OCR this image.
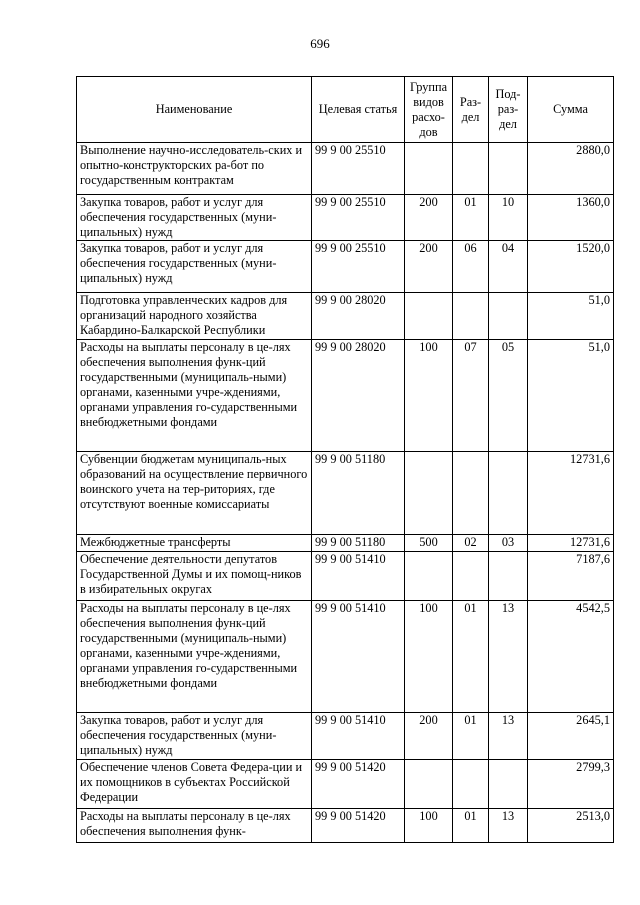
696
Наименование	Целевая статья	Группа видов расхо-дов	Раз-дел	Под-раз-дел	Сумма
Выполнение научно-исследователь-ских и опытно-конструкторских ра-бот по государственным контрактам	99 9 00 25510				2880,0
Закупка товаров, работ и услуг для обеспечения государственных (муни-ципальных) нужд	99 9 00 25510	200	01	10	1360,0
Закупка товаров, работ и услуг для обеспечения государственных (муни-ципальных) нужд	99 9 00 25510	200	06	04	1520,0
Подготовка управленческих кадров для организаций народного хозяйства Кабардино-Балкарской Республики	99 9 00 28020				51,0
Расходы на выплаты персоналу в це-лях обеспечения выполнения функ-ций государственными (муниципаль-ными) органами, казенными учре-ждениями, органами управления го-сударственными внебюджетными фондами	99 9 00 28020	100	07	05	51,0
Субвенции бюджетам муниципаль-ных образований на осуществление первичного воинского учета на тер-риториях, где отсутствуют военные комиссариаты	99 9 00 51180				12731,6
Межбюджетные трансферты	99 9 00 51180	500	02	03	12731,6
Обеспечение деятельности депутатов Государственной Думы и их помощ-ников в избирательных округах	99 9 00 51410				7187,6
Расходы на выплаты персоналу в це-лях обеспечения выполнения функ-ций государственными (муниципаль-ными) органами, казенными учре-ждениями, органами управления го-сударственными внебюджетными фондами	99 9 00 51410	100	01	13	4542,5
Закупка товаров, работ и услуг для обеспечения государственных (муни-ципальных) нужд	99 9 00 51410	200	01	13	2645,1
Обеспечение членов Совета Федера-ции и их помощников в субъектах Российской Федерации	99 9 00 51420				2799,3
Расходы на выплаты персоналу в це-лях обеспечения выполнения функ-	99 9 00 51420	100	01	13	2513,0
